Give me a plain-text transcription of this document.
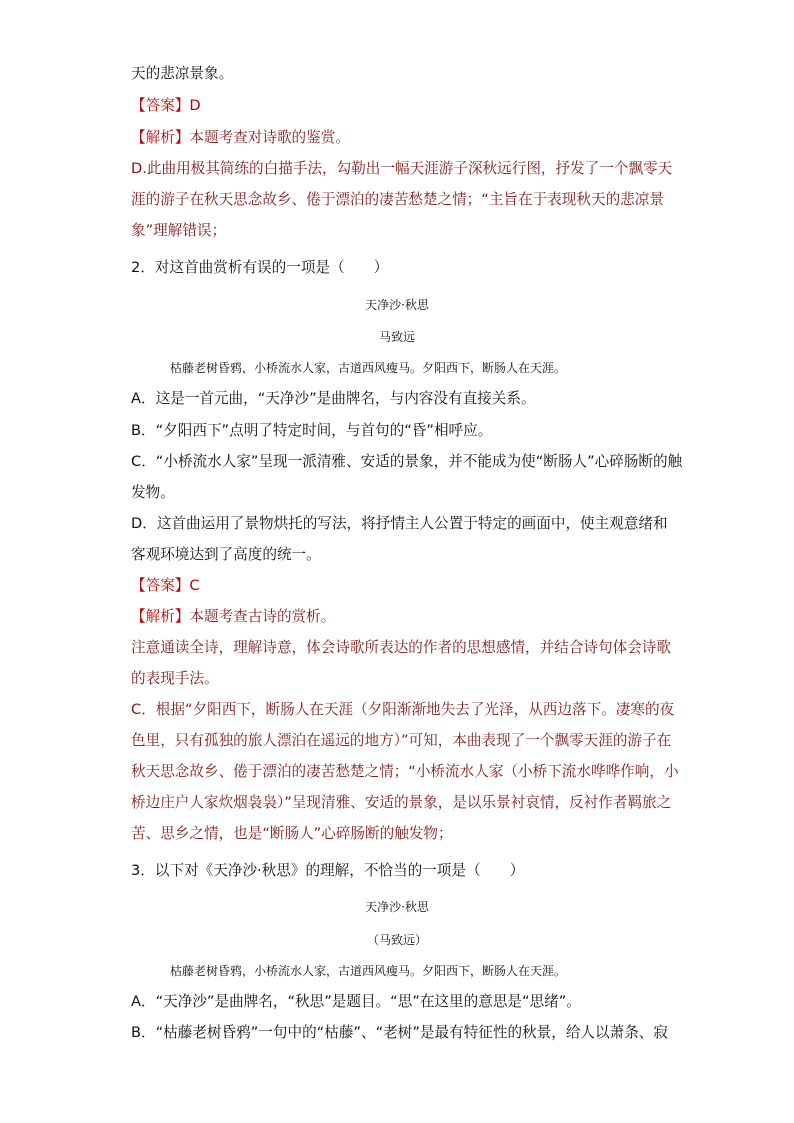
天的悲凉景象。
【答案】D
【解析】本题考查对诗歌的鉴赏。
D.此曲用极其简练的白描手法，勾勒出一幅天涯游子深秋远行图，抒发了一个飘零天
涯的游子在秋天思念故乡、倦于漂泊的凄苦愁楚之情；“主旨在于表现秋天的悲凉景
象”理解错误；
2．对这首曲赏析有误的一项是（　　）
天净沙·秋思
马致远
枯藤老树昏鸦，小桥流水人家，古道西风瘦马。夕阳西下，断肠人在天涯。
A．这是一首元曲，“天净沙”是曲牌名，与内容没有直接关系。
B．“夕阳西下”点明了特定时间，与首句的“昏”相呼应。
C．“小桥流水人家”呈现一派清雅、安适的景象，并不能成为使“断肠人”心碎肠断的触
发物。
D．这首曲运用了景物烘托的写法，将抒情主人公置于特定的画面中，使主观意绪和
客观环境达到了高度的统一。
【答案】C
【解析】本题考查古诗的赏析。
注意通读全诗，理解诗意，体会诗歌所表达的作者的思想感情，并结合诗句体会诗歌
的表现手法。
C．根据“夕阳西下，断肠人在天涯（夕阳渐渐地失去了光泽，从西边落下。凄寒的夜
色里，只有孤独的旅人漂泊在遥远的地方）”可知，本曲表现了一个飘零天涯的游子在
秋天思念故乡、倦于漂泊的凄苦愁楚之情；“小桥流水人家（小桥下流水哗哗作响，小
桥边庄户人家炊烟袅袅）”呈现清雅、安适的景象，是以乐景衬哀情，反衬作者羁旅之
苦、思乡之情，也是“断肠人”心碎肠断的触发物；
3．以下对《天净沙·秋思》的理解，不恰当的一项是（　　）
天净沙·秋思
（马致远）
枯藤老树昏鸦，小桥流水人家，古道西风瘦马。夕阳西下，断肠人在天涯。
A．“天净沙”是曲牌名，“秋思”是题目。“思”在这里的意思是“思绪”。
B．“枯藤老树昏鸦”一句中的“枯藤”、“老树”是最有特征性的秋景，给人以萧条、寂
